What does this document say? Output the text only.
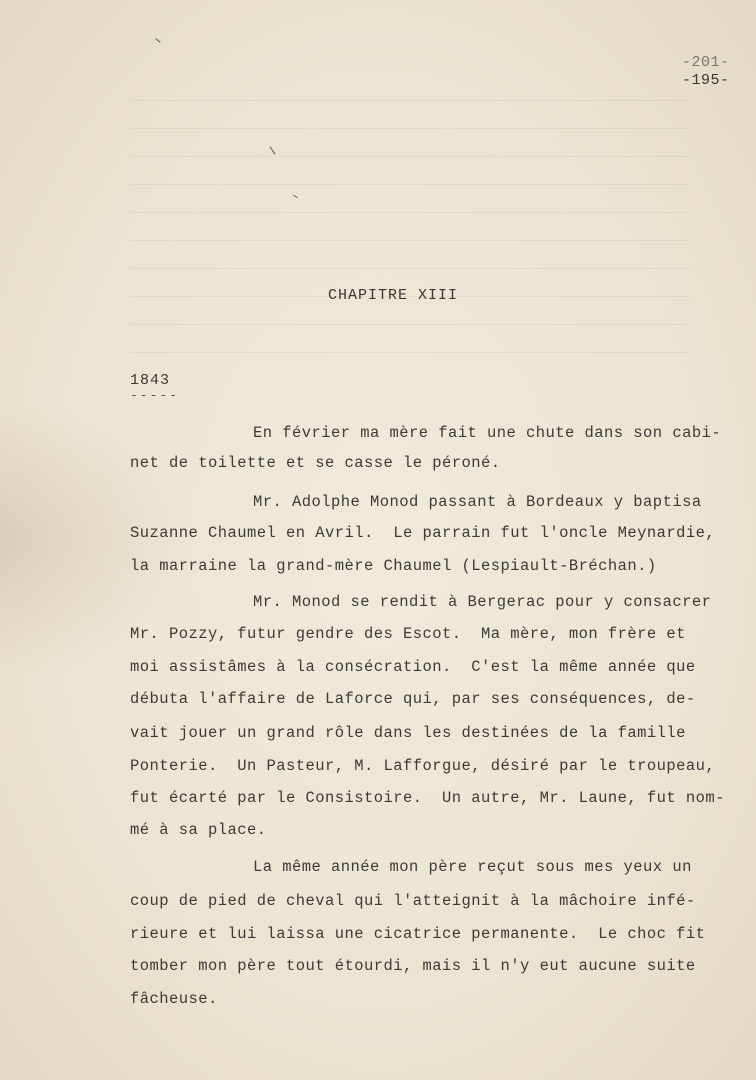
-201-
-195-
CHAPITRE XIII
1843
-----
En février ma mère fait une chute dans son cabi-
net de toilette et se casse le péroné.
Mr. Adolphe Monod passant à Bordeaux y baptisa
Suzanne Chaumel en Avril.  Le parrain fut l'oncle Meynardie,
la marraine la grand-mère Chaumel (Lespiault-Bréchan.)
Mr. Monod se rendit à Bergerac pour y consacrer
Mr. Pozzy, futur gendre des Escot.  Ma mère, mon frère et
moi assistâmes à la consécration.  C'est la même année que
débuta l'affaire de Laforce qui, par ses conséquences, de-
vait jouer un grand rôle dans les destinées de la famille
Ponterie.  Un Pasteur, M. Lafforgue, désiré par le troupeau,
fut écarté par le Consistoire.  Un autre, Mr. Laune, fut nom-
mé à sa place.
La même année mon père reçut sous mes yeux un
coup de pied de cheval qui l'atteignit à la mâchoire infé-
rieure et lui laissa une cicatrice permanente.  Le choc fit
tomber mon père tout étourdi, mais il n'y eut aucune suite
fâcheuse.
